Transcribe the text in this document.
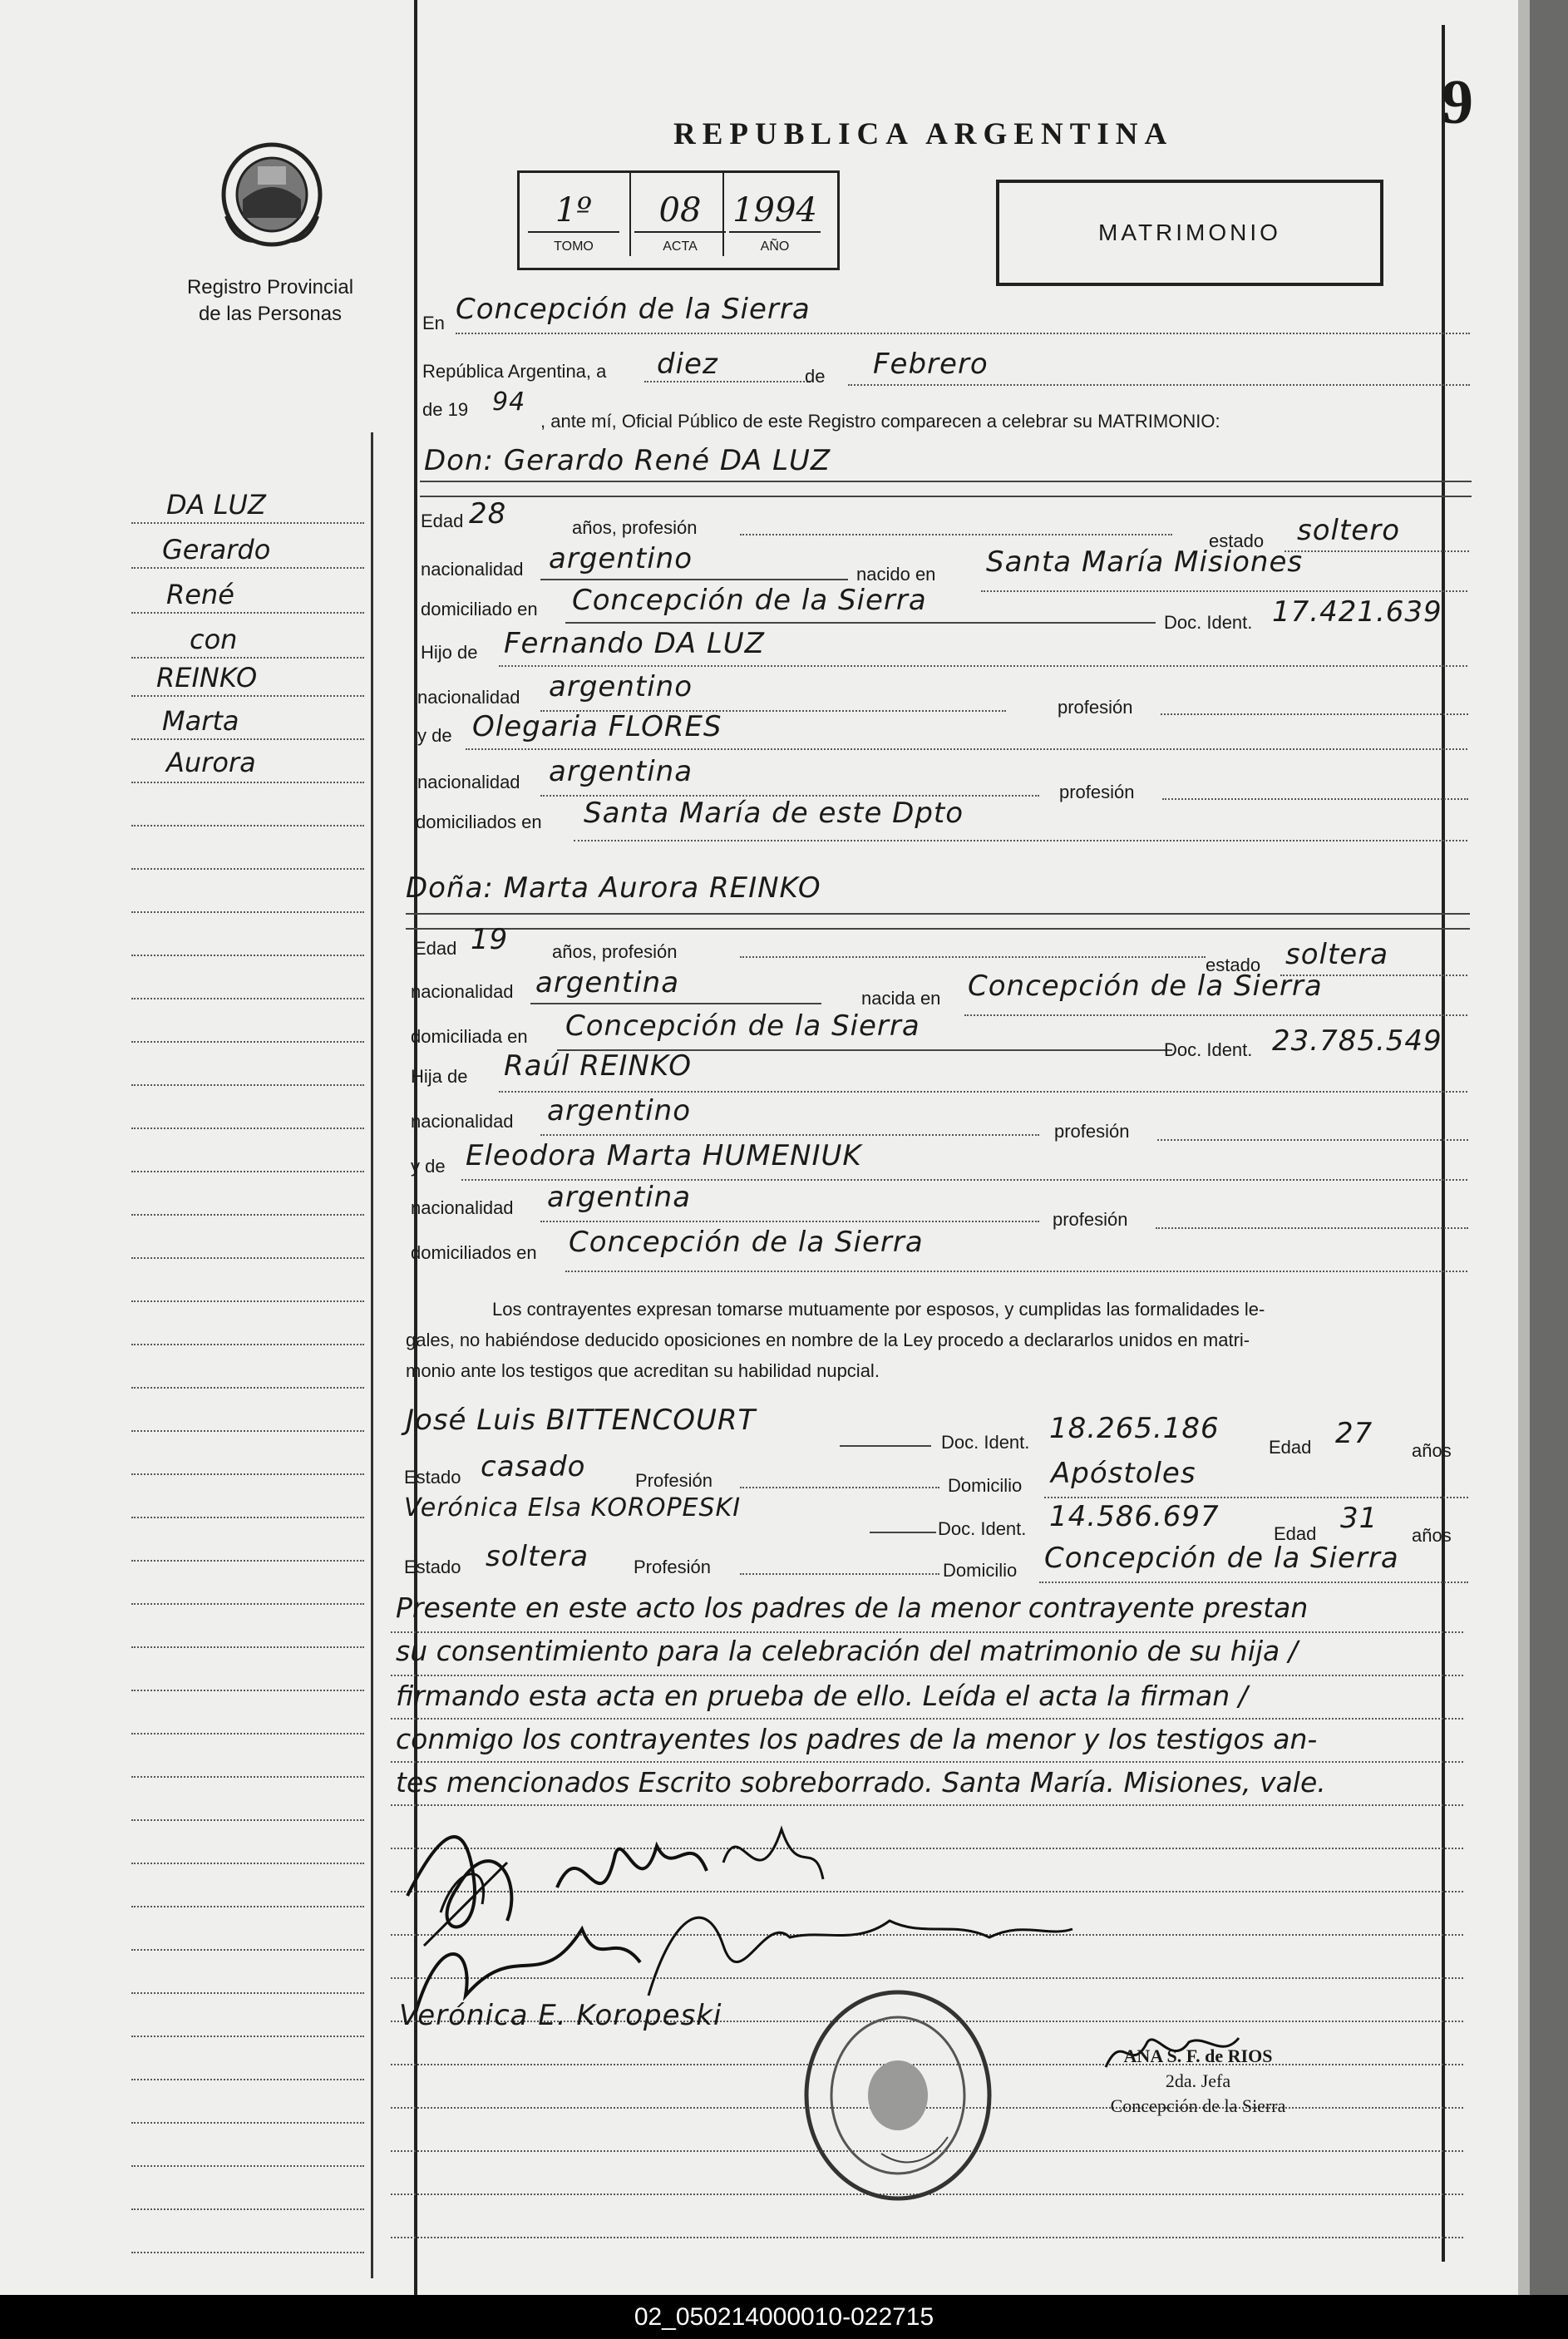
9
REPUBLICA ARGENTINA
Registro Provincial
de las Personas
1º
TOMO
08
ACTA
1994
AÑO
MATRIMONIO
DA LUZ
Gerardo
René
con
REINKO
Marta
Aurora
En Concepción de la Sierra
República Argentina, a diez	de Febrero
de 19 94
, ante mí, Oficial Público de este Registro comparecen a celebrar su MATRIMONIO:
Don: Gerardo René DA LUZ
Edad 28	años, profesión
estado soltero
nacionalidad argentino	nacido en Santa María Misiones
domiciliado en Concepción de la Sierra
Doc. Ident. 17.421.639
Hijo de Fernando DA LUZ
nacionalidad argentino
profesión
y de Olegaria FLORES
nacionalidad argentina
profesión
domiciliados en Santa María de este Dpto
Doña: Marta Aurora REINKO
Edad 19 años, profesión
estado soltera
nacionalidad argentina	nacida en Concepción de la Sierra
domiciliada en Concepción de la Sierra
Doc. Ident. 23.785.549
Hija de Raúl REINKO
nacionalidad argentino
profesión
y de Eleodora Marta HUMENIUK
nacionalidad argentina
profesión
domiciliados en Concepción de la Sierra
Los contrayentes expresan tomarse mutuamente por esposos, y cumplidas las formalidades le-
gales, no habiéndose deducido oposiciones en nombre de la Ley procedo a declararlos unidos en matri-
monio ante los testigos que acreditan su habilidad nupcial.
José Luis BITTENCOURT
Doc. Ident. 18.265.186
Edad 27
años
Estado casado	Profesión	Domicilio Apóstoles
Verónica Elsa KOROPESKI
Doc. Ident. 14.586.697
Edad 31
años
Estado soltera Profesión	Domicilio Concepción de la Sierra
Presente en este acto los padres de la menor contrayente prestan
su consentimiento para la celebración del matrimonio de su hija /
firmando esta acta en prueba de ello. Leída el acta la firman /
conmigo los contrayentes los padres de la menor y los testigos an-
tes mencionados Escrito sobreborrado. Santa María. Misiones, vale.
Verónica E. Koropeski
ANA S. F. de RIOS
2da. Jefa
Concepción de la Sierra
02_050214000010-022715
